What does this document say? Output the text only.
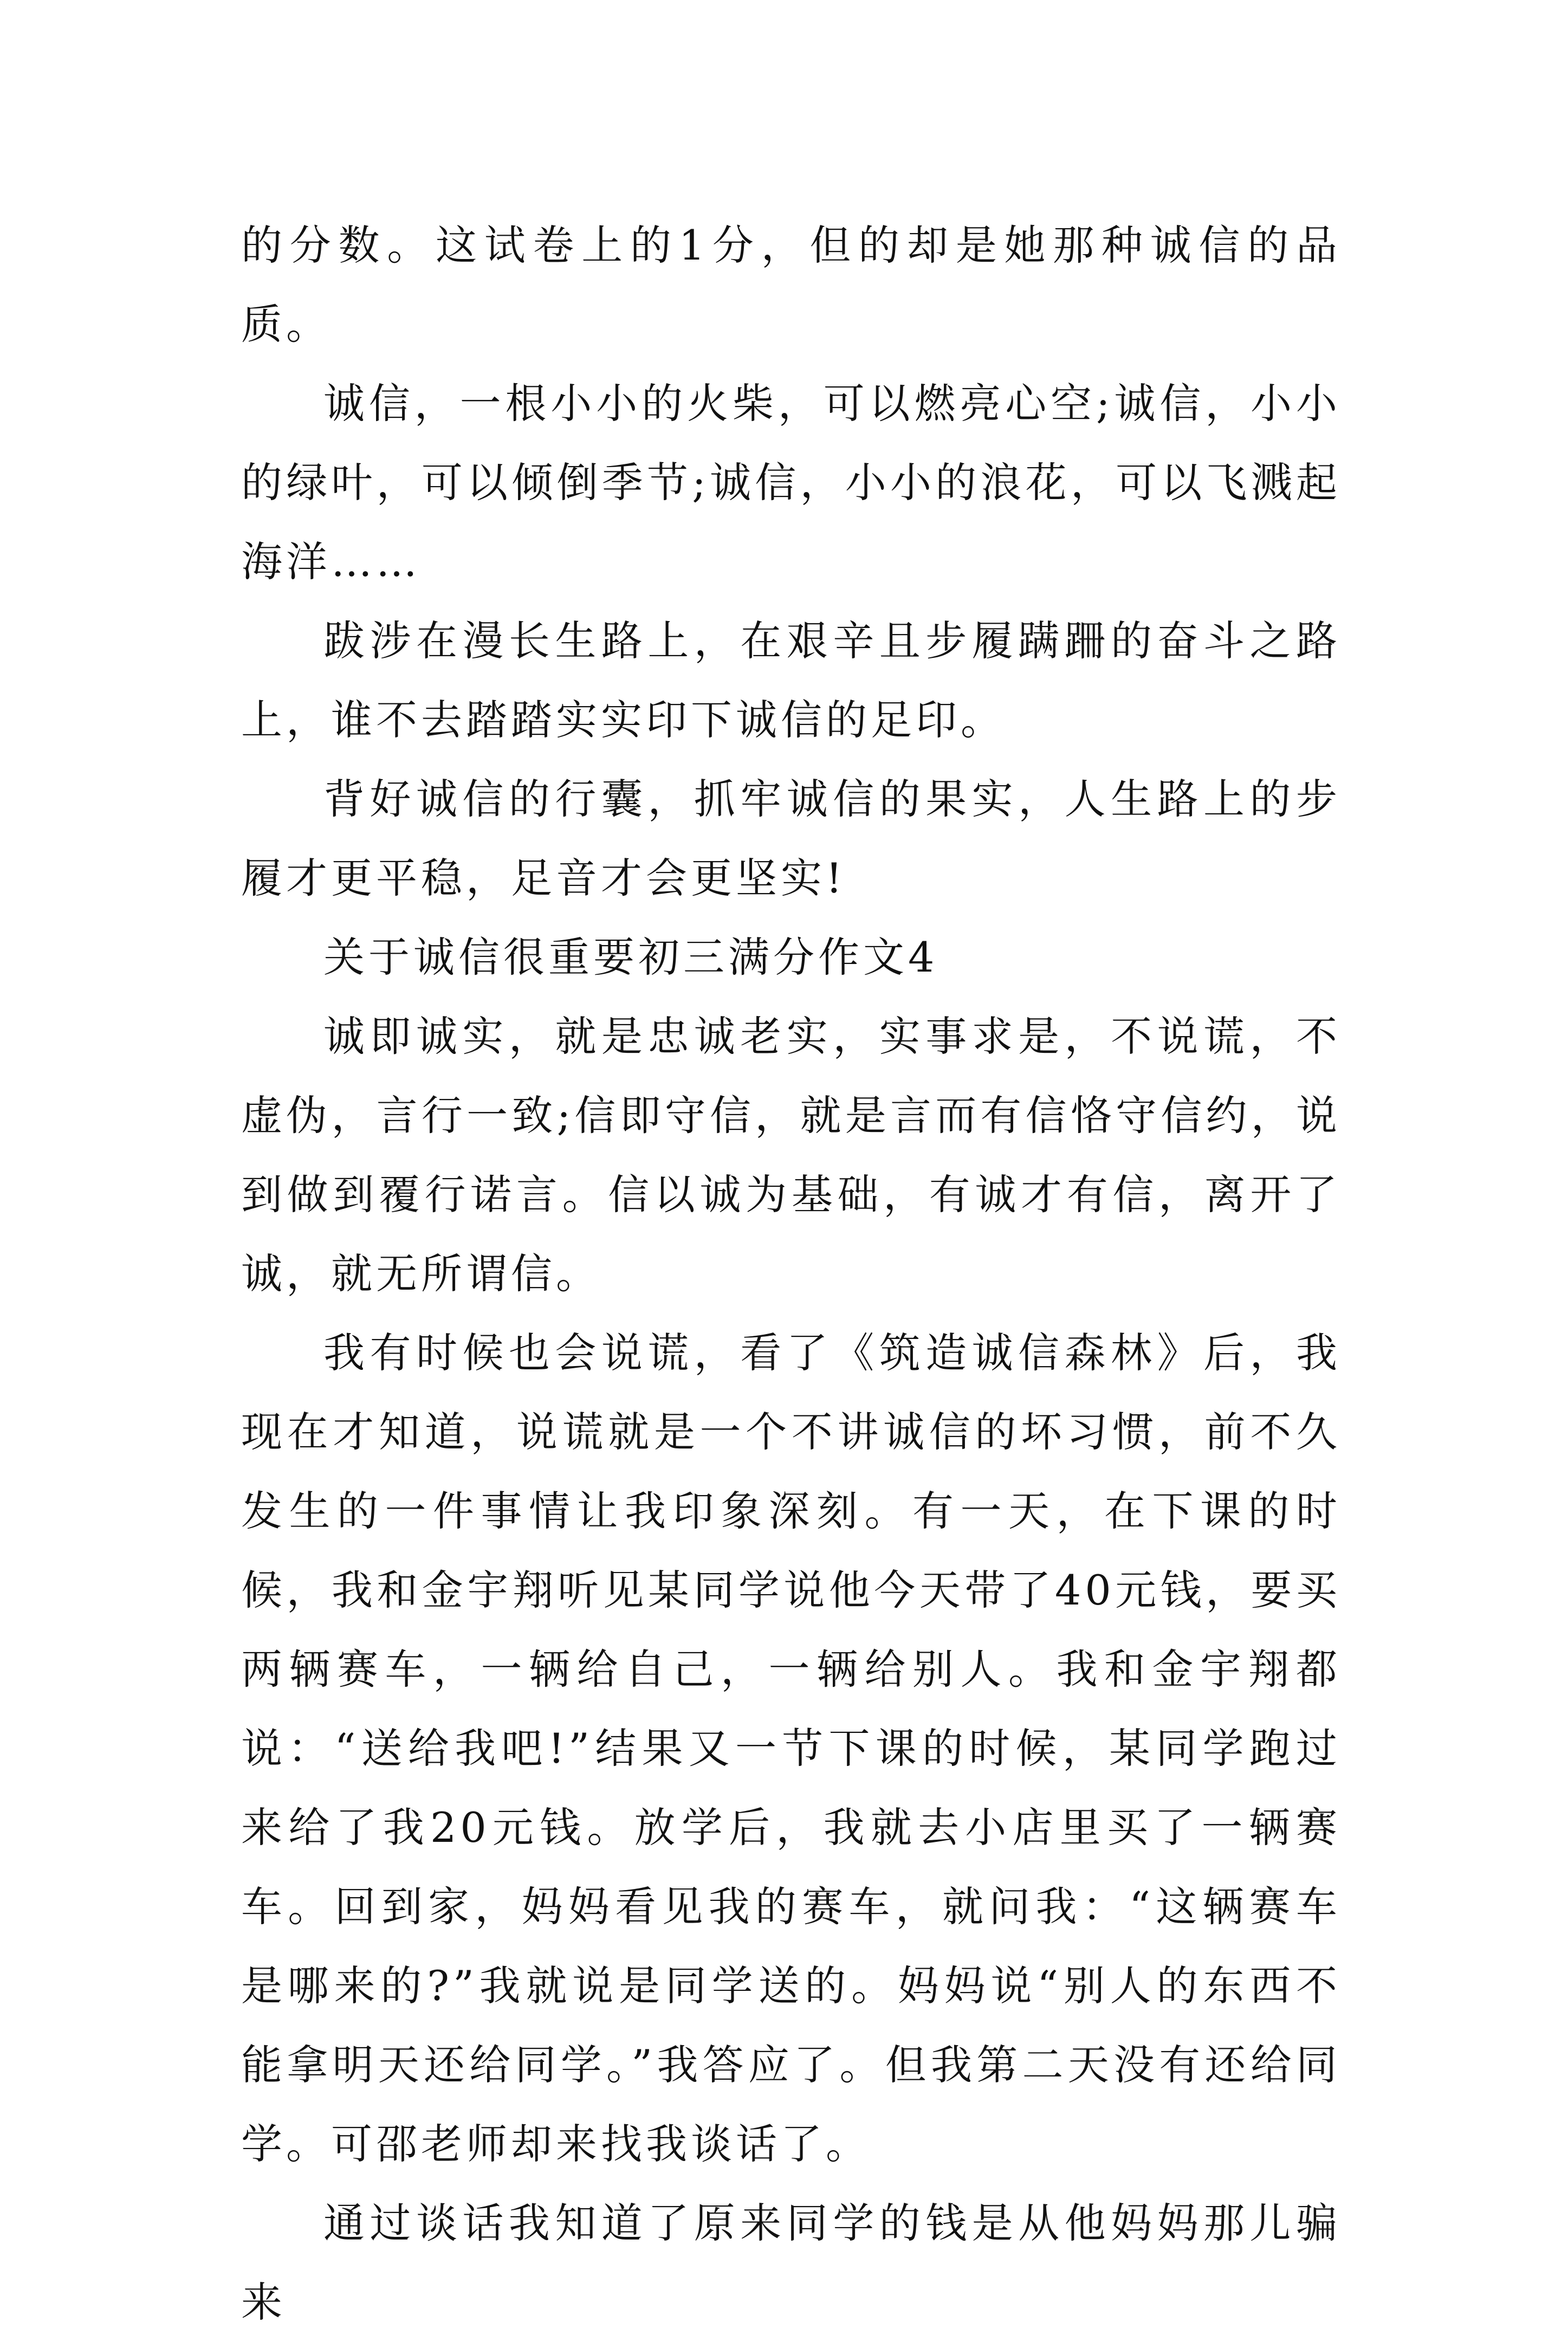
的分数。这试卷上的1分，但的却是她那种诚信的品质。

诚信，一根小小的火柴，可以燃亮心空;诚信，小小的绿叶，可以倾倒季节;诚信，小小的浪花，可以飞溅起海洋……

跋涉在漫长生路上，在艰辛且步履蹒跚的奋斗之路上，谁不去踏踏实实印下诚信的足印。

背好诚信的行囊，抓牢诚信的果实，人生路上的步履才更平稳，足音才会更坚实!

关于诚信很重要初三满分作文4

诚即诚实，就是忠诚老实，实事求是，不说谎，不虚伪，言行一致;信即守信，就是言而有信恪守信约，说到做到覆行诺言。信以诚为基础，有诚才有信，离开了诚，就无所谓信。

我有时候也会说谎，看了《筑造诚信森林》后，我现在才知道，说谎就是一个不讲诚信的坏习惯，前不久发生的一件事情让我印象深刻。有一天，在下课的时候，我和金宇翔听见某同学说他今天带了40元钱，要买两辆赛车，一辆给自己，一辆给别人。我和金宇翔都说：“送给我吧!”结果又一节下课的时候，某同学跑过来给了我20元钱。放学后，我就去小店里买了一辆赛车。回到家，妈妈看见我的赛车，就问我：“这辆赛车是哪来的?”我就说是同学送的。妈妈说“别人的东西不能拿明天还给同学。”我答应了。但我第二天没有还给同学。可邵老师却来找我谈话了。

通过谈话我知道了原来同学的钱是从他妈妈那儿骗来
